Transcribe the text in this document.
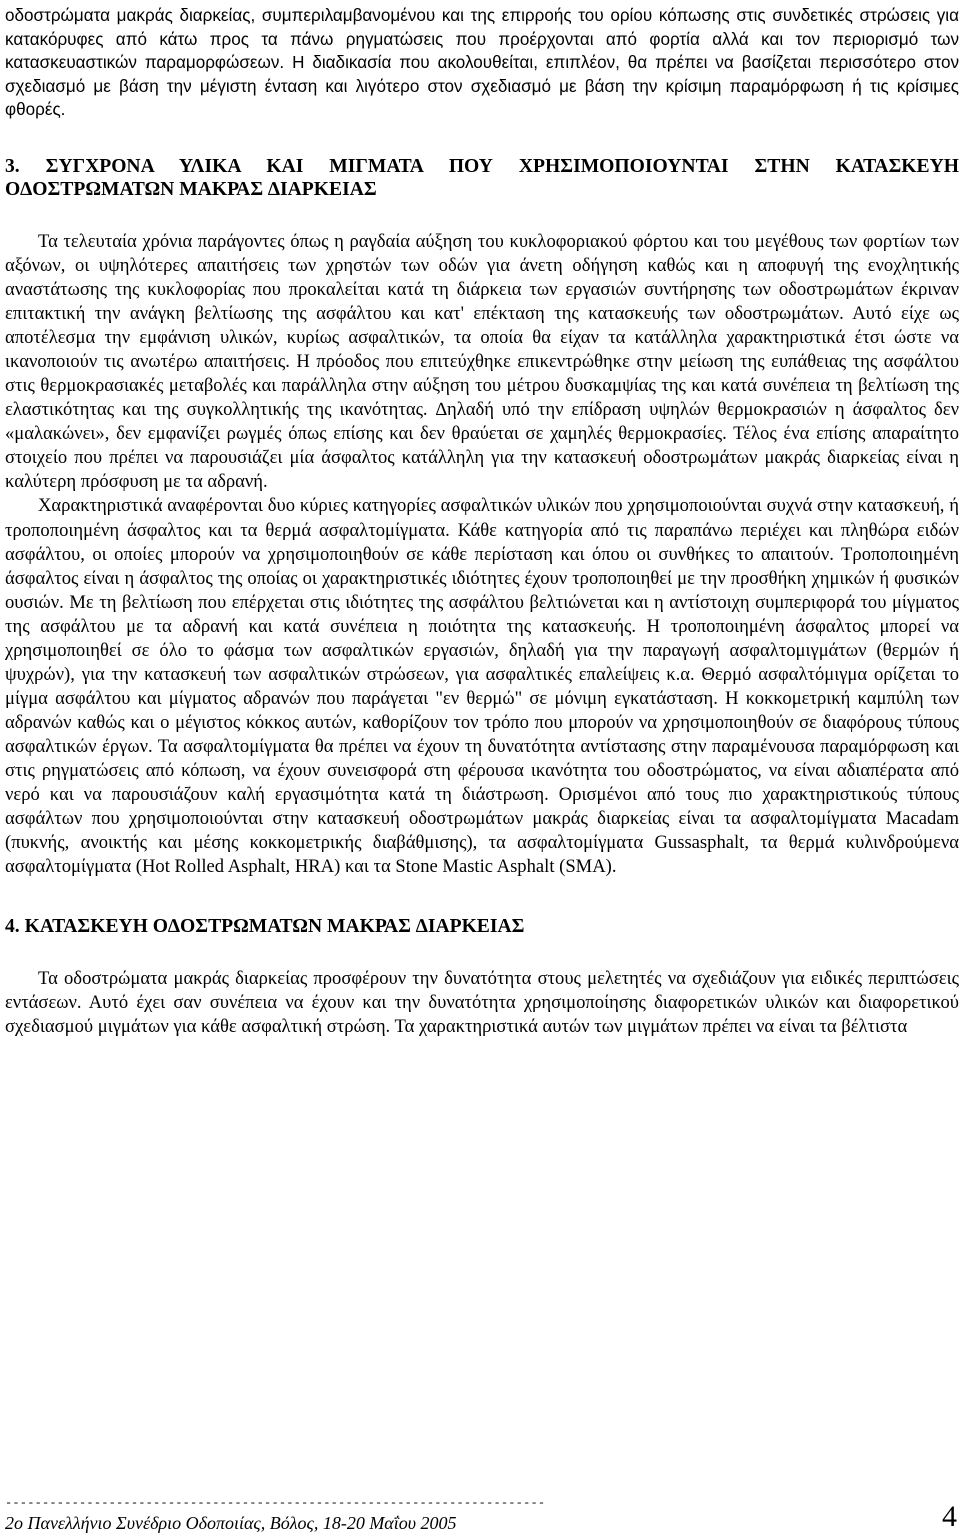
οδοστρώματα μακράς διαρκείας, συμπεριλαμβανομένου και της επιρροής του ορίου κόπωσης στις συνδετικές στρώσεις για κατακόρυφες από κάτω προς τα πάνω ρηγματώσεις που προέρχονται από φορτία αλλά και τον περιορισμό των κατασκευαστικών παραμορφώσεων. Η διαδικασία που ακολουθείται, επιπλέον, θα πρέπει να βασίζεται περισσότερο στον σχεδιασμό με βάση την μέγιστη ένταση και λιγότερο στον σχεδιασμό με βάση την κρίσιμη παραμόρφωση ή τις κρίσιμες φθορές.

3. ΣΥΓΧΡΟΝΑ ΥΛΙΚΑ ΚΑΙ ΜΙΓΜΑΤΑ ΠΟΥ ΧΡΗΣΙΜΟΠΟΙΟΥΝΤΑΙ ΣΤΗΝ ΚΑΤΑΣΚΕΥΗ Ο∆ΟΣΤΡΩΜΑΤΩΝ ΜΑΚΡΑΣ ∆ΙΑΡΚΕΙΑΣ

Τα τελευταία χρόνια παράγοντες όπως η ραγδαία αύξηση του κυκλοφοριακού φόρτου και του μεγέθους των φορτίων των αξόνων, οι υψηλότερες απαιτήσεις των χρηστών των οδών για άνετη οδήγηση καθώς και η αποφυγή της ενοχλητικής αναστάτωσης της κυκλοφορίας που προκαλείται κατά τη διάρκεια των εργασιών συντήρησης των οδοστρωμάτων έκριναν επιτακτική την ανάγκη βελτίωσης της ασφάλτου και κατ' επέκταση της κατασκευής των οδοστρωμάτων. Αυτό είχε ως αποτέλεσμα την εμφάνιση υλικών, κυρίως ασφαλτικών, τα οποία θα είχαν τα κατάλληλα χαρακτηριστικά έτσι ώστε να ικανοποιούν τις ανωτέρω απαιτήσεις. Η πρόοδος που επιτεύχθηκε επικεντρώθηκε στην μείωση της ευπάθειας της ασφάλτου στις θερμοκρασιακές μεταβολές και παράλληλα στην αύξηση του μέτρου δυσκαμψίας της και κατά συνέπεια τη βελτίωση της ελαστικότητας και της συγκολλητικής της ικανότητας. ∆ηλαδή υπό την επίδραση υψηλών θερμοκρασιών η άσφαλτος δεν «μαλακώνει», δεν εμφανίζει ρωγμές όπως επίσης και δεν θραύεται σε χαμηλές θερμοκρασίες. Τέλος ένα επίσης απαραίτητο στοιχείο που πρέπει να παρουσιάζει μία άσφαλτος κατάλληλη για την κατασκευή οδοστρωμάτων μακράς διαρκείας είναι η καλύτερη πρόσφυση με τα αδρανή.

Χαρακτηριστικά αναφέρονται δυο κύριες κατηγορίες ασφαλτικών υλικών που χρησιμοποιούνται συχνά στην κατασκευή, ή τροποποιημένη άσφαλτος και τα θερμά ασφαλτομίγματα. Κάθε κατηγορία από τις παραπάνω περιέχει και πληθώρα ειδών ασφάλτου, οι οποίες μπορούν να χρησιμοποιηθούν σε κάθε περίσταση και όπου οι συνθήκες το απαιτούν. Τροποποιημένη άσφαλτος είναι η άσφαλτος της οποίας οι χαρακτηριστικές ιδιότητες έχουν τροποποιηθεί με την προσθήκη χημικών ή φυσικών ουσιών. Με τη βελτίωση που επέρχεται στις ιδιότητες της ασφάλτου βελτιώνεται και η αντίστοιχη συμπεριφορά του μίγματος της ασφάλτου με τα αδρανή και κατά συνέπεια η ποιότητα της κατασκευής. Η τροποποιημένη άσφαλτος μπορεί να χρησιμοποιηθεί σε όλο το φάσμα των ασφαλτικών εργασιών, δηλαδή για την παραγωγή ασφαλτομιγμάτων (θερμών ή ψυχρών), για την κατασκευή των ασφαλτικών στρώσεων, για ασφαλτικές επαλείψεις κ.α. Θερμό ασφαλτόμιγμα ορίζεται το μίγμα ασφάλτου και μίγματος αδρανών που παράγεται "εν θερμώ" σε μόνιμη εγκατάσταση. Η κοκκομετρική καμπύλη των αδρανών καθώς και ο μέγιστος κόκκος αυτών, καθορίζουν τον τρόπο που μπορούν να χρησιμοποιηθούν σε διαφόρους τύπους ασφαλτικών έργων. Τα ασφαλτομίγματα θα πρέπει να έχουν τη δυνατότητα αντίστασης στην παραμένουσα παραμόρφωση και στις ρηγματώσεις από κόπωση, να έχουν συνεισφορά στη φέρουσα ικανότητα του οδοστρώματος, να είναι αδιαπέρατα από νερό και να παρουσιάζουν καλή εργασιμότητα κατά τη διάστρωση. Ορισμένοι από τους πιο χαρακτηριστικούς τύπους ασφάλτων που χρησιμοποιούνται στην κατασκευή οδοστρωμάτων μακράς διαρκείας είναι τα ασφαλτομίγματα Macadam (πυκνής, ανοικτής και μέσης κοκκομετρικής διαβάθμισης), τα ασφαλτομίγματα Gussasphalt, τα θερμά κυλινδρούμενα ασφαλτομίγματα (Hot Rolled Asphalt, HRA) και τα Stone Mastic Asphalt (SMA).

4. ΚΑΤΑΣΚΕΥΗ Ο∆ΟΣΤΡΩΜΑΤΩΝ ΜΑΚΡΑΣ ∆ΙΑΡΚΕΙΑΣ

Τα οδοστρώματα μακράς διαρκείας προσφέρουν την δυνατότητα στους μελετητές να σχεδιάζουν για ειδικές περιπτώσεις εντάσεων. Αυτό έχει σαν συνέπεια να έχουν και την δυνατότητα χρησιμοποίησης διαφορετικών υλικών και διαφορετικού σχεδιασμού μιγμάτων για κάθε ασφαλτική στρώση. Τα χαρακτηριστικά αυτών των μιγμάτων πρέπει να είναι τα βέλτιστα

-------------------------------------------------------------------------
2ο Πανελλήνιο Συνέδριο Οδοποιίας, Βόλος, 18-20 Μαΐου 2005	4
